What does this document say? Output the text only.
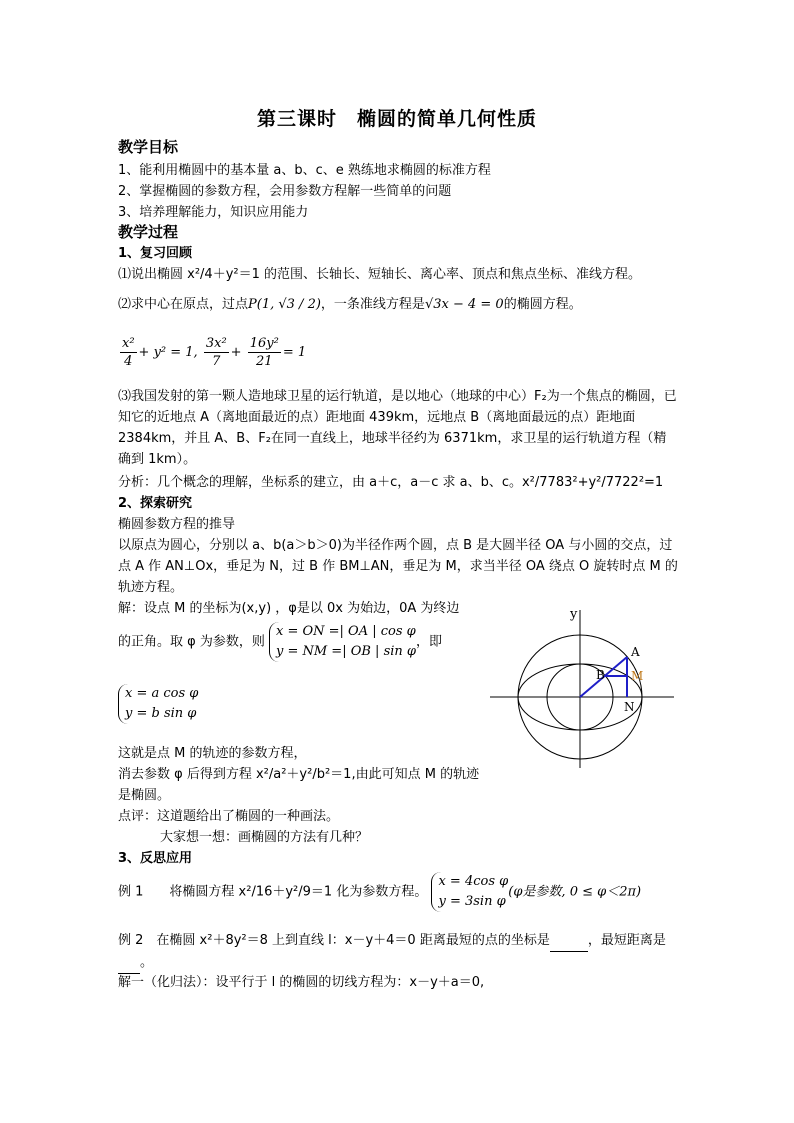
第三课时　椭圆的简单几何性质
教学目标
1、能利用椭圆中的基本量 a、b、c、e 熟练地求椭圆的标准方程
2、掌握椭圆的参数方程，会用参数方程解一些简单的问题
3、培养理解能力，知识应用能力
教学过程
1、复习回顾
⑴说出椭圆 x²/4＋y²＝1 的范围、长轴长、短轴长、离心率、顶点和焦点坐标、准线方程。
⑵求中心在原点，过点P(1, √3 / 2)，一条准线方程是√3x − 4 = 0的椭圆方程。
$\frac{\text{x²}}{4} + y^2 = 1$, $\frac{\text{3x²}}{7} + \frac{\text{16y²}}{21} = 1$
⑶我国发射的第一颗人造地球卫星的运行轨道，是以地心（地球的中心）F₂为一个焦点的椭圆，已知它的近地点 A（离地面最近的点）距地面 439km，远地点 B（离地面最远的点）距地面 2384km，并且 A、B、F₂在同一直线上，地球半径约为 6371km，求卫星的运行轨道方程（精确到 1km）。
分析：几个概念的理解，坐标系的建立，由 a＋c，a－c 求 a、b、c。x²/7783²+y²/7722²=1
2、探索研究
椭圆参数方程的推导
以原点为圆心，分别以 a、b(a＞b＞0)为半径作两个圆，点 B 是大圆半径 OA 与小圆的交点，过点 A 作 AN⊥Ox，垂足为 N，过 B 作 BM⊥AN，垂足为 M，求当半径 OA 绕点 O 旋转时点 M 的轨迹方程。
解：设点 M 的坐标为(x,y) ，φ是以 0x 为始边，0A 为终边
的正角。取 φ 为参数，则 x = ON =| OA | cos φ
y = NM =| OB | sin φ，即
x = a cos φ
y = b sin φ
这就是点 M 的轨迹的参数方程，
消去参数 φ 后得到方程 x²/a²＋y²/b²＝1,由此可知点 M 的轨迹是椭圆。
点评：这道题给出了椭圆的一种画法。
大家想一想：画椭圆的方法有几种？
3、反思应用
例 1　　将椭圆方程 x²/16＋y²/9＝1 化为参数方程。 x = 4cos φ
y = 3sin φ(φ是参数, 0 ≤ φ＜2π)
例 2　在椭圆 x²＋8y²＝8 上到直线 l：x－y＋4＝0 距离最短的点的坐标是	，最短距离是 。
解一（化归法）：设平行于 l 的椭圆的切线方程为：x－y＋a＝0,
y
A
B M
N
